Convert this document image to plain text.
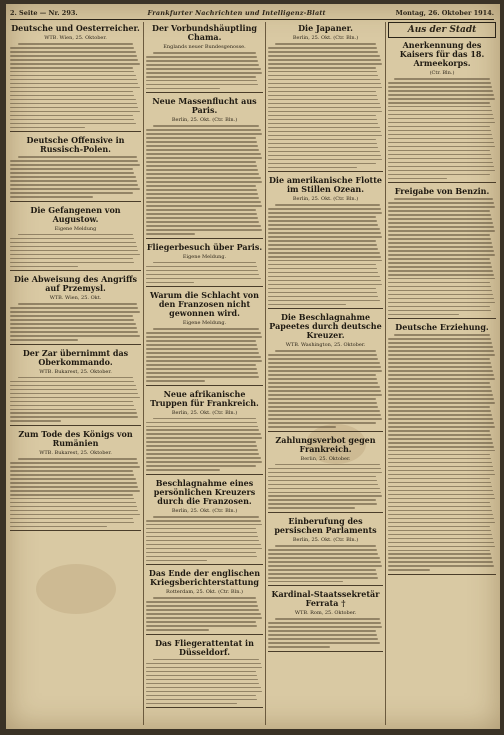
2. Seite — Nr. 293.	Frankfurter Nachrichten und Intelligenz-Blatt	Montag, 26. Oktober 1914.
Deutsche und Oesterreicher.
WTB. Wien, 25. Oktober.
Deutsche Offensive in Russisch-Polen.
Die Gefangenen von Augustow.
Eigene Meldung
Die Abweisung des Angriffs auf Przemysl.
WTB. Wien, 25. Okt.
Der Zar übernimmt das Oberkommando.
WTB. Bukarest, 25. Oktober.
Zum Tode des Königs von Rumänien
WTB. Bukarest, 25. Oktober.
Der Vorbundshäuptling Chama.
Englands neuer Bundesgenosse.
Neue Massenflucht aus Paris.
Berlin, 25. Okt. (Ctr. Bln.)
Fliegerbesuch über Paris.
Eigene Meldung.
Warum die Schlacht von den Franzosen nicht gewonnen wird.
Eigene Meldung.
Neue afrikanische Truppen für Frankreich.
Berlin, 25. Okt. (Ctr. Bln.)
Beschlagnahme eines persönlichen Kreuzers durch die Franzosen.
Berlin, 25. Okt. (Ctr. Bln.)
Das Ende der englischen Kriegsberichterstattung
Rotterdam, 25. Okt. (Ctr. Bln.)
Das Fliegerattentat in Düsseldorf.
Die Japaner.
Berlin, 25. Okt. (Ctr. Bln.)
Die amerikanische Flotte im Stillen Ozean.
Berlin, 25. Okt. (Ctr. Bln.)
Die Beschlagnahme Papeetes durch deutsche Kreuzer.
WTB. Washington, 25. Oktober.
Zahlungsverbot gegen Frankreich.
Berlin, 25. Oktober.
Einberufung des persischen Parlaments
Berlin, 25. Okt. (Ctr. Bln.)
Kardinal-Staatssekretär Ferrata †
WTB. Rom, 25. Oktober.
Aus der Stadt
Anerkennung des Kaisers für das 18. Armeekorps.
(Ctr. Bln.)
Freigabe von Benzin.
Deutsche Erziehung.
